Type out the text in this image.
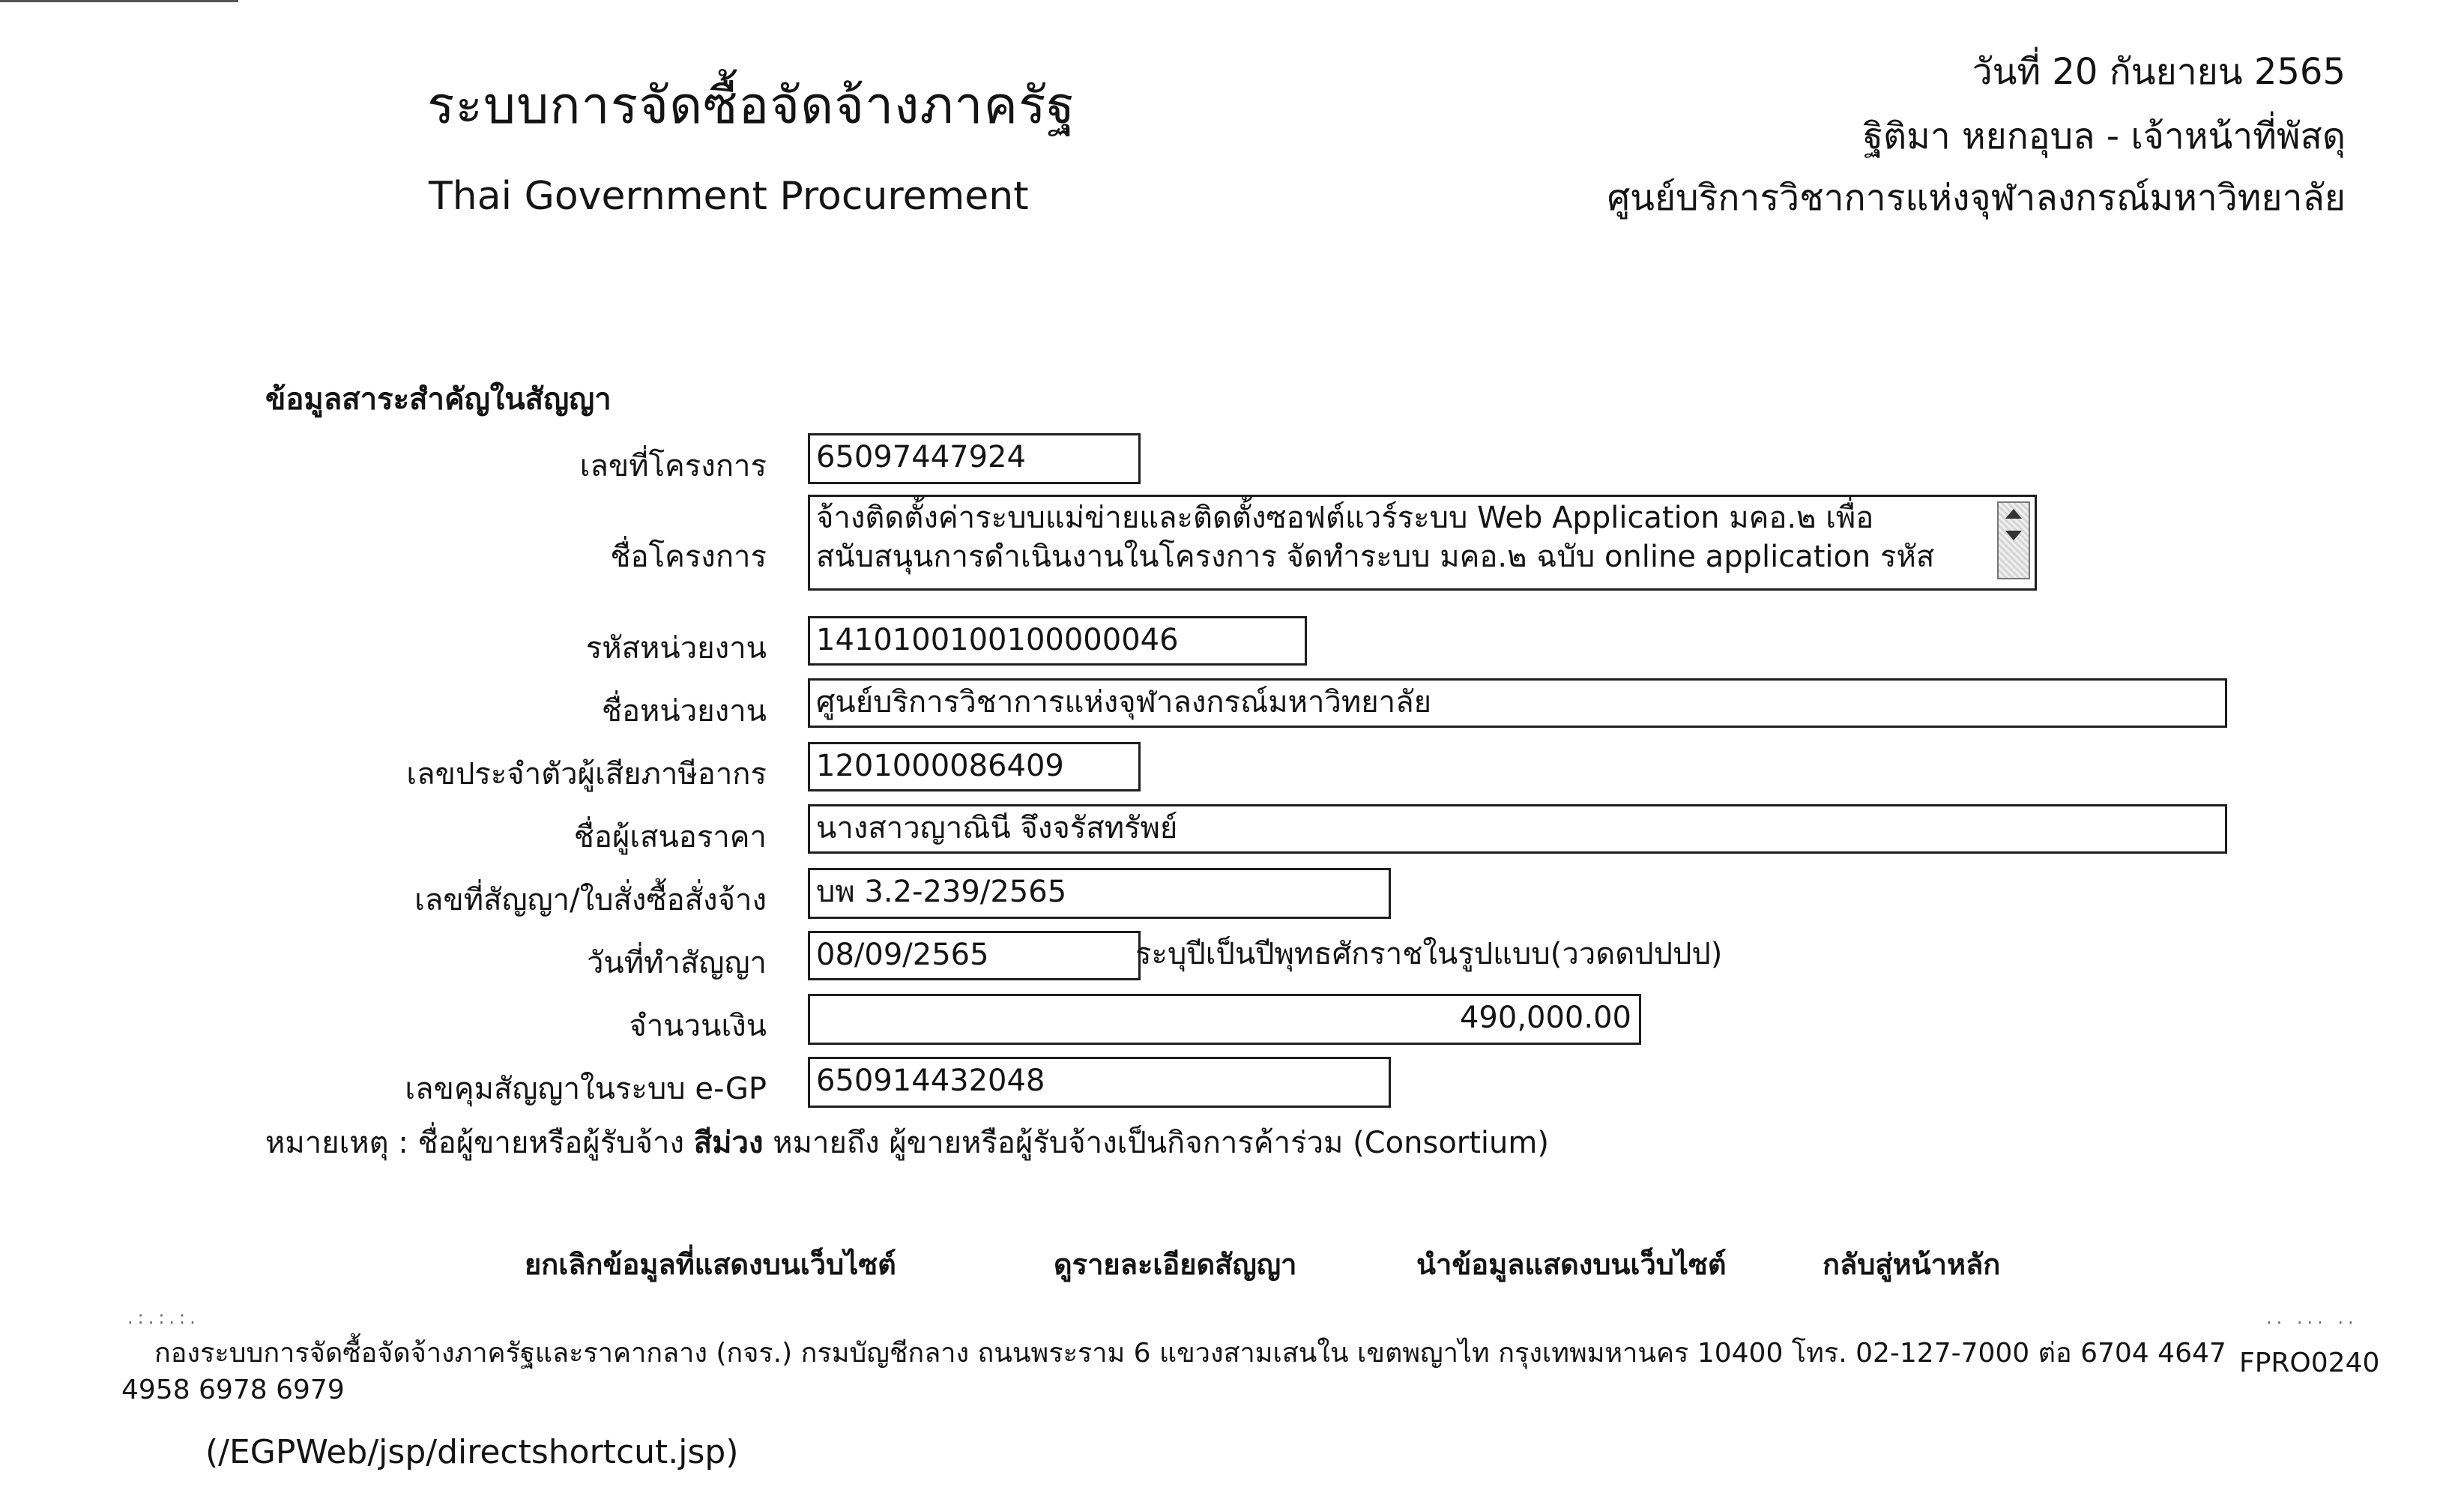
ระบบการจัดซื้อจัดจ้างภาครัฐ
Thai Government Procurement
วันที่ 20 กันยายน 2565
ฐิติมา หยกอุบล - เจ้าหน้าที่พัสดุ
ศูนย์บริการวิชาการแห่งจุฬาลงกรณ์มหาวิทยาลัย
ข้อมูลสาระสำคัญในสัญญา
เลขที่โครงการ 65097447924
ชื่อโครงการ
จ้างติดตั้งค่าระบบแม่ข่ายและติดตั้งซอฟต์แวร์ระบบ Web Application มคอ.๒ เพื่อ สนับสนุนการดำเนินงานในโครงการ จัดทำระบบ มคอ.๒ ฉบับ online application รหัส
รหัสหน่วยงาน 1410100100100000046
ชื่อหน่วยงาน ศูนย์บริการวิชาการแห่งจุฬาลงกรณ์มหาวิทยาลัย
เลขประจำตัวผู้เสียภาษีอากร 1201000086409
ชื่อผู้เสนอราคา นางสาวญาณินี จึงจรัสทรัพย์
เลขที่สัญญา/ใบสั่งซื้อสั่งจ้าง บพ 3.2-239/2565
วันที่ทำสัญญา 08/09/2565	ระบุปีเป็นปีพุทธศักราชในรูปแบบ(ววดดปปปป)
จำนวนเงิน	490,000.00
เลขคุมสัญญาในระบบ e-GP 650914432048
หมายเหตุ : ชื่อผู้ขายหรือผู้รับจ้าง สีม่วง หมายถึง ผู้ขายหรือผู้รับจ้างเป็นกิจการค้าร่วม (Consortium)
ยกเลิกข้อมูลที่แสดงบนเว็บไซต์	ดูรายละเอียดสัญญา	นำข้อมูลแสดงบนเว็บไซต์	กลับสู่หน้าหลัก
.:.:.:.	.. ... ..
กองระบบการจัดซื้อจัดจ้างภาครัฐและราคากลาง (กจร.) กรมบัญชีกลาง ถนนพระราม 6 แขวงสามเสนใน เขตพญาไท กรุงเทพมหานคร 10400 โทร. 02-127-7000 ต่อ 6704 4647
4958 6978 6979
FPRO0240
(/EGPWeb/jsp/directshortcut.jsp)
